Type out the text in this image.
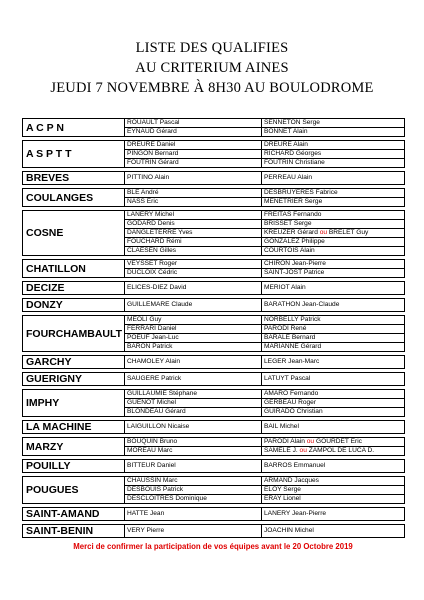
LISTE DES QUALIFIES
AU CRITERIUM AINES
JEUDI 7 NOVEMBRE À 8H30 AU BOULODROME
A C P N	ROUAULT Pascal	SENNETON Serge
	EYNAUD Gérard	BONNET Alain

A S P T T	DREURE Daniel	DREURE Alain
	PINGON Bernard	RICHARD Géorges
	FOUTRIN Gérard	FOUTRIN Christiane

BREVES	PITTINO Alain	PERREAU Alain

COULANGES	BLE André	DESBRUYERES Fabrice
	NASS Eric	MENETRIER Serge

COSNE	LANERY Michel	FREITAS Fernando
	GODARD Denis	BRISSET Serge
	DANGLETERRE Yves	KREUZER Gérard ou BRELET Guy
	FOUCHARD Rémi	GONZALEZ Philippe
	CLAESEN Gilles	COURTOIS Alain

CHATILLON	VEYSSET Roger	CHIRON Jean-Pierre
	DUCLOIX Cédric	SAINT-JOST Patrice

DECIZE	ELICES-DIEZ David	MERIOT Alain

DONZY	GUILLEMARE Claude	BARATHON Jean-Claude

FOURCHAMBAULT	MEOLI Guy	NORBELLY Patrick
	FERRARI Daniel	PARODI René
	POEUF Jean-Luc	BARALE Bernard
	BARON Patrick	MARIANNE Gérard

GARCHY	CHAMOLEY Alain	LEGER Jean-Marc

GUERIGNY	SAUGERE Patrick	LATUYT Pascal

IMPHY	GUILLAUMIE Stéphane	AMARO Fernando
	GUENOT Michel	GERBEAU Roger
	BLONDEAU Gérard	GUIRADO Christian

LA MACHINE	LAIGUILLON Nicaise	BAIL Michel

MARZY	BOUQUIN Bruno	PARODI Alain ou GOURDET Eric
	MOREAU Marc	SAMELE J. ou ZAMPOL DE LUCA D.

POUILLY	BITTEUR Daniel	BARROS Emmanuel

POUGUES	CHAUSSIN Marc	ARMAND Jacques
	DESBOUIS Patrick	ELOY Serge
	DESCLOITRES Dominique	ERAY Lionel

SAINT-AMAND	HATTE Jean	LANERY Jean-Pierre

SAINT-BENIN	VERY Pierre	JOACHIN Michel
Merci de confirmer la participation de vos équipes avant le 20 Octobre 2019
